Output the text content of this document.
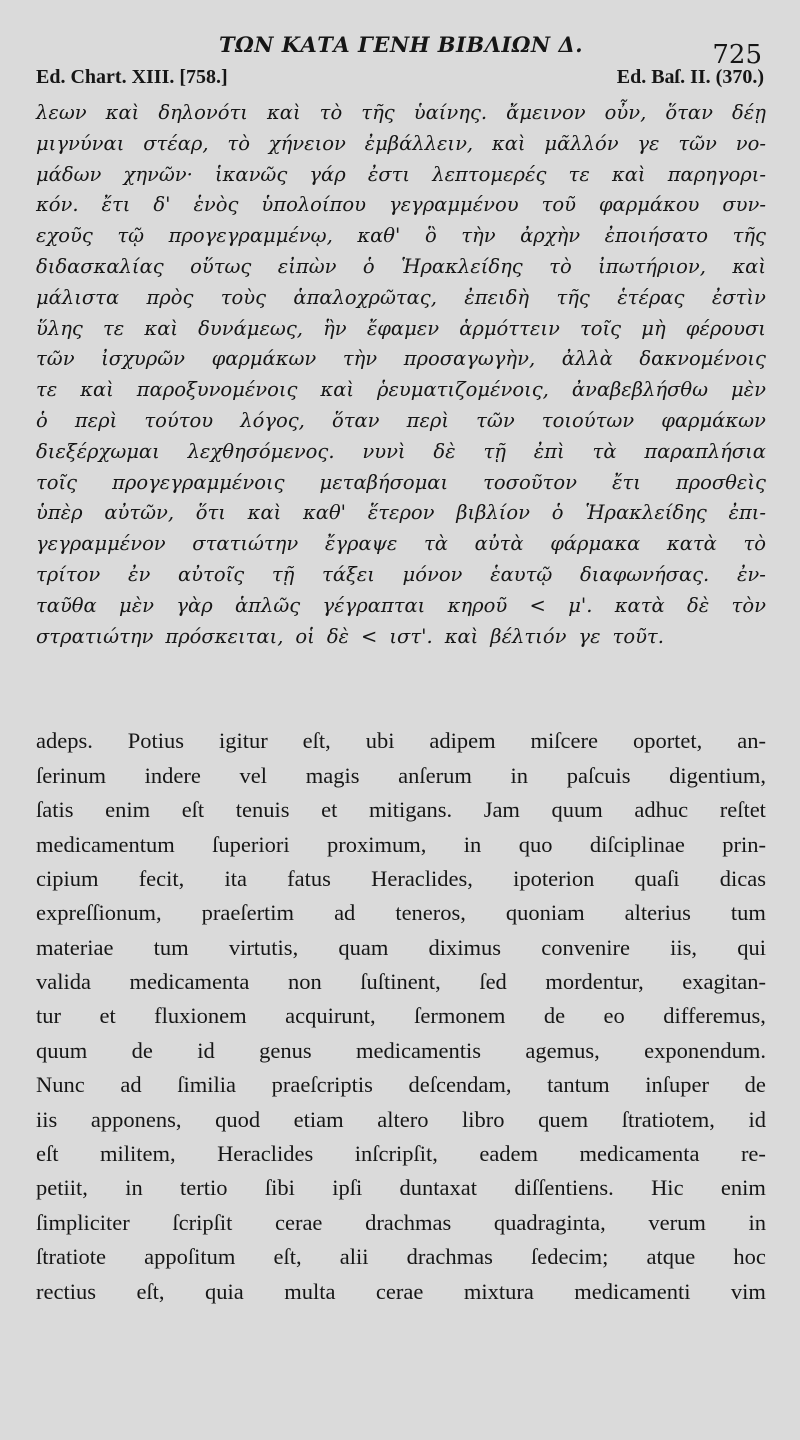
ΤΩΝ ΚΑΤΑ ΓΕΝΗ ΒΙΒΛΙΩΝ Δ.	725
Ed. Chart. XIII. [758.]	Ed. Baſ. II. (370.)
λεων καὶ δηλονότι καὶ τὸ τῆς ὑαίνης. ἄμεινον οὖν, ὅταν δέῃ
μιγνύναι στέαρ, τὸ χήνειον ἐμβάλλειν, καὶ μᾶλλόν γε τῶν νο-
μάδων χηνῶν· ἱκανῶς γάρ ἐστι λεπτομερές τε καὶ παρηγορι-
κόν. ἔτι δ' ἑνὸς ὑπολοίπου γεγραμμένου τοῦ φαρμάκου συν-
εχοῦς τῷ προγεγραμμένῳ, καθ' ὃ τὴν ἀρχὴν ἐποιήσατο τῆς
διδασκαλίας οὕτως εἰπὼν ὁ Ἡρακλείδης τὸ ἰπωτήριον, καὶ
μάλιστα πρὸς τοὺς ἁπαλοχρῶτας, ἐπειδὴ τῆς ἑτέρας ἐστὶν
ὕλης τε καὶ δυνάμεως, ἣν ἔφαμεν ἁρμόττειν τοῖς μὴ φέρουσι
τῶν ἰσχυρῶν φαρμάκων τὴν προσαγωγὴν, ἀλλὰ δακνομένοις
τε καὶ παροξυνομένοις καὶ ῥευματιζομένοις, ἀναβεβλήσθω μὲν
ὁ περὶ τούτου λόγος, ὅταν περὶ τῶν τοιούτων φαρμάκων
διεξέρχωμαι λεχθησόμενος. νυνὶ δὲ τῇ ἐπὶ τὰ παραπλήσια
τοῖς προγεγραμμένοις μεταβήσομαι τοσοῦτον ἔτι προσθεὶς
ὑπὲρ αὐτῶν, ὅτι καὶ καθ' ἕτερον βιβλίον ὁ Ἡρακλείδης ἐπι-
γεγραμμένον στατιώτην ἔγραψε τὰ αὐτὰ φάρμακα κατὰ τὸ
τρίτον ἐν αὐτοῖς τῇ τάξει μόνον ἑαυτῷ διαφωνήσας. ἐν-
ταῦθα μὲν γὰρ ἁπλῶς γέγραπται κηροῦ < μ'. κατὰ δὲ τὸν
στρατιώτην πρόσκειται, οἱ δὲ < ιστ'. καὶ βέλτιόν γε τοῦτ.
adeps. Potius igitur eſt, ubi adipem miſcere oportet, an-
ſerinum indere vel magis anſerum in paſcuis digentium,
ſatis enim eſt tenuis et mitigans. Jam quum adhuc reſtet
medicamentum ſuperiori proximum, in quo diſciplinae prin-
cipium fecit, ita fatus Heraclides, ipoterion quaſi dicas
expreſſionum, praeſertim ad teneros, quoniam alterius tum
materiae tum virtutis, quam diximus convenire iis, qui
valida medicamenta non ſuſtinent, ſed mordentur, exagitan-
tur et fluxionem acquirunt, ſermonem de eo differemus,
quum de id genus medicamentis agemus, exponendum.
Nunc ad ſimilia praeſcriptis deſcendam, tantum inſuper de
iis apponens, quod etiam altero libro quem ſtratiotem, id
eſt militem, Heraclides inſcripſit, eadem medicamenta re-
petiit, in tertio ſibi ipſi duntaxat diſſentiens. Hic enim
ſimpliciter ſcripſit cerae drachmas quadraginta, verum in
ſtratiote appoſitum eſt, alii drachmas ſedecim; atque hoc
rectius eſt, quia multa cerae mixtura medicamenti vim
